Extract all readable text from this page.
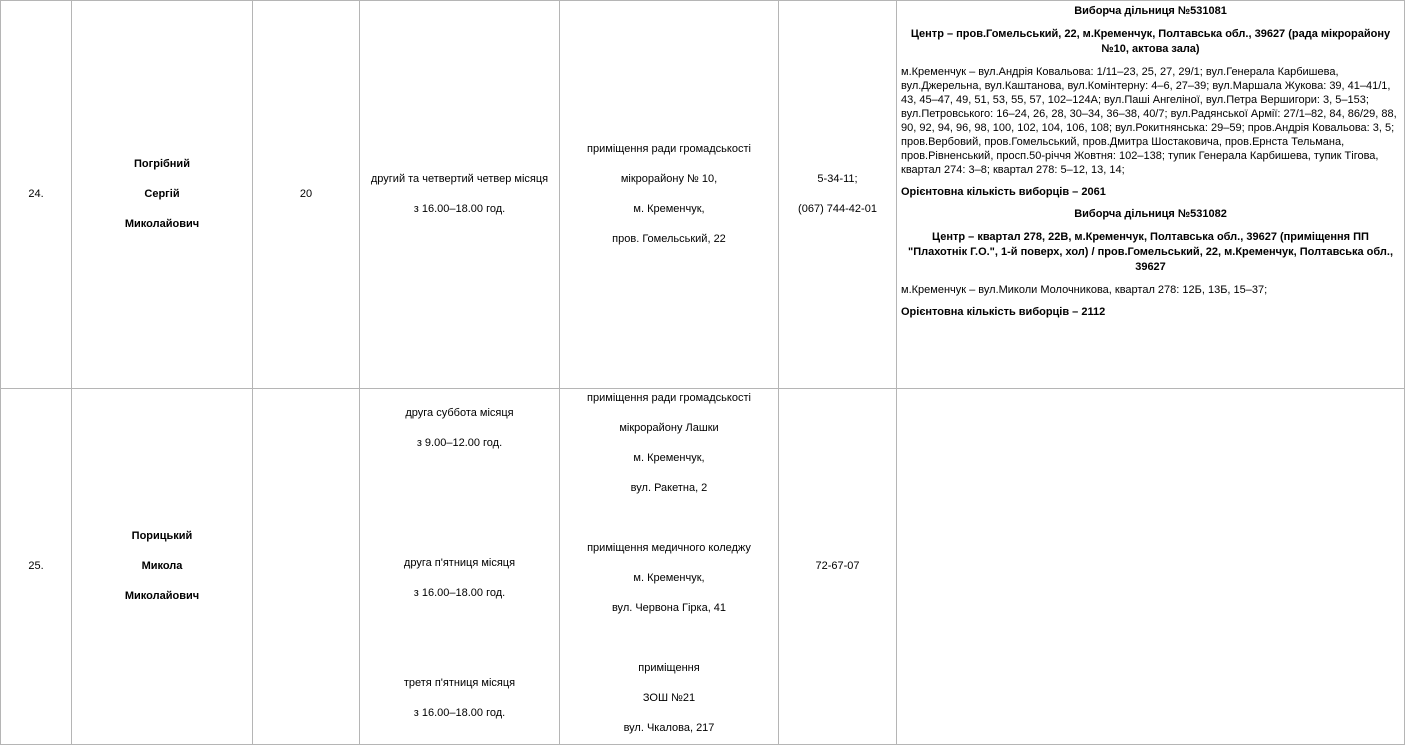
24.
Погрібний
Сергій
Миколайович
20
другий та четвертий четвер місяця
з 16.00–18.00 год.
приміщення ради громадськості
мікрорайону № 10,
м. Кременчук,
пров. Гомельський, 22
5-34-11;
(067) 744-42-01
Виборча дільниця №531081
Центр – пров.Гомельський, 22, м.Кременчук, Полтавська обл., 39627 (рада мікрорайону №10, актова зала)
м.Кременчук – вул.Андрія Ковальова: 1/11–23, 25, 27, 29/1; вул.Генерала Карбишева, вул.Джерельна, вул.Каштанова, вул.Комінтерну: 4–6, 27–39; вул.Маршала Жукова: 39, 41–41/1, 43, 45–47, 49, 51, 53, 55, 57, 102–124А; вул.Паші Ангеліної, вул.Петра Вершигори: 3, 5–153; вул.Петровського: 16–24, 26, 28, 30–34, 36–38, 40/7; вул.Радянської Армії: 27/1–82, 84, 86/29, 88, 90, 92, 94, 96, 98, 100, 102, 104, 106, 108; вул.Рокитнянська: 29–59; пров.Андрія Ковальова: 3, 5; пров.Вербовий, пров.Гомельський, пров.Дмитра Шостаковича, пров.Ернста Тельмана, пров.Рівненський, просп.50-річчя Жовтня: 102–138; тупик Генерала Карбишева, тупик Тігова, квартал 274: 3–8; квартал 278: 5–12, 13, 14;
Орієнтовна кількість виборців – 2061
Виборча дільниця №531082
Центр – квартал 278, 22В, м.Кременчук, Полтавська обл., 39627 (приміщення ПП "Плахотнік Г.О.", 1-й поверх, хол) / пров.Гомельський, 22, м.Кременчук, Полтавська обл., 39627
м.Кременчук – вул.Миколи Молочникова, квартал 278: 12Б, 13Б, 15–37;
Орієнтовна кількість виборців – 2112
25.
Порицький
Микола
Миколайович
друга суббота місяця
з 9.00–12.00 год.
друга п'ятниця місяця
з 16.00–18.00 год.
третя п'ятниця місяця
з 16.00–18.00 год.
приміщення ради громадськості
мікрорайону Лашки
м. Кременчук,
вул. Ракетна, 2
приміщення медичного коледжу
м. Кременчук,
вул. Червона Гірка, 41
приміщення
ЗОШ №21
вул. Чкалова, 217
72-67-07
